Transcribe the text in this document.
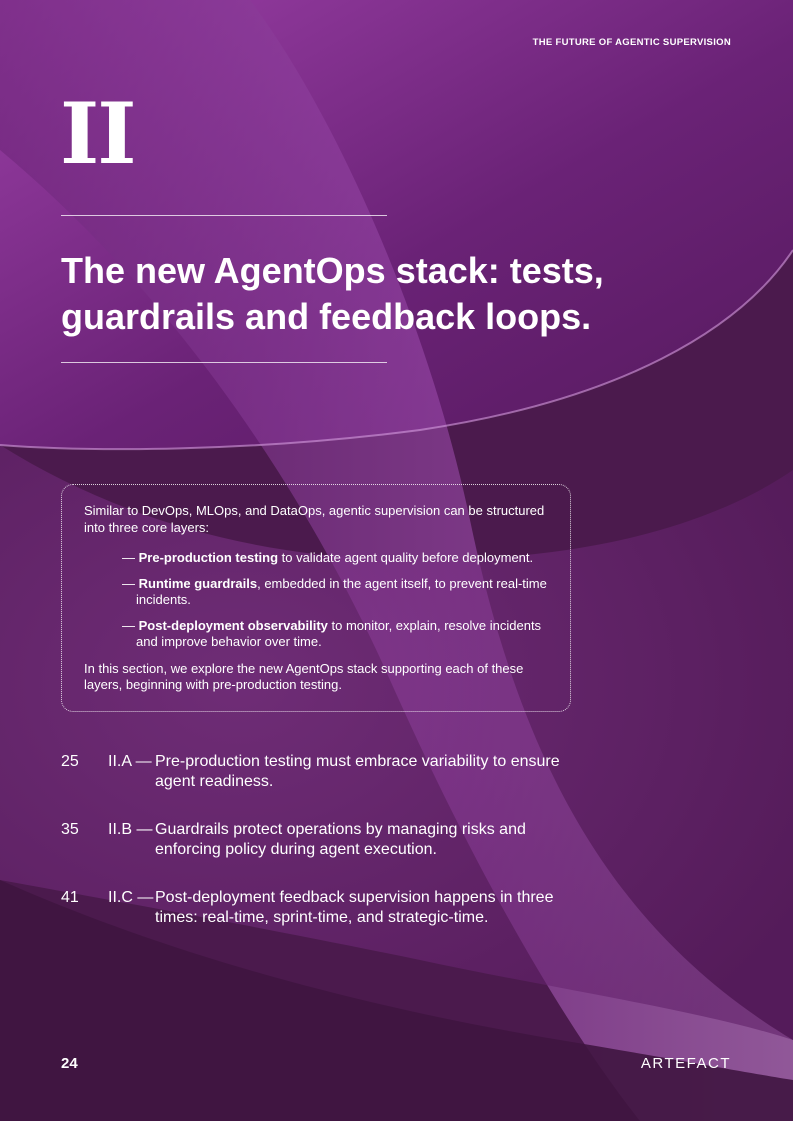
THE FUTURE OF AGENTIC SUPERVISION
II
The new AgentOps stack: tests, guardrails and feedback loops.

Similar to DevOps, MLOps, and DataOps, agentic supervision can be structured into three core layers:

— Pre-production testing to validate agent quality before deployment.
— Runtime guardrails, embedded in the agent itself, to prevent real-time incidents.
— Post-deployment observability to monitor, explain, resolve incidents and improve behavior over time.

In this section, we explore the new AgentOps stack supporting each of these layers, beginning with pre-production testing.

25	II.A — Pre-production testing must embrace variability to ensure agent readiness.
35	II.B — Guardrails protect operations by managing risks and enforcing policy during agent execution.
41	II.C — Post-deployment feedback supervision happens in three times: real-time, sprint-time, and strategic-time.
24	ARTEFACT
